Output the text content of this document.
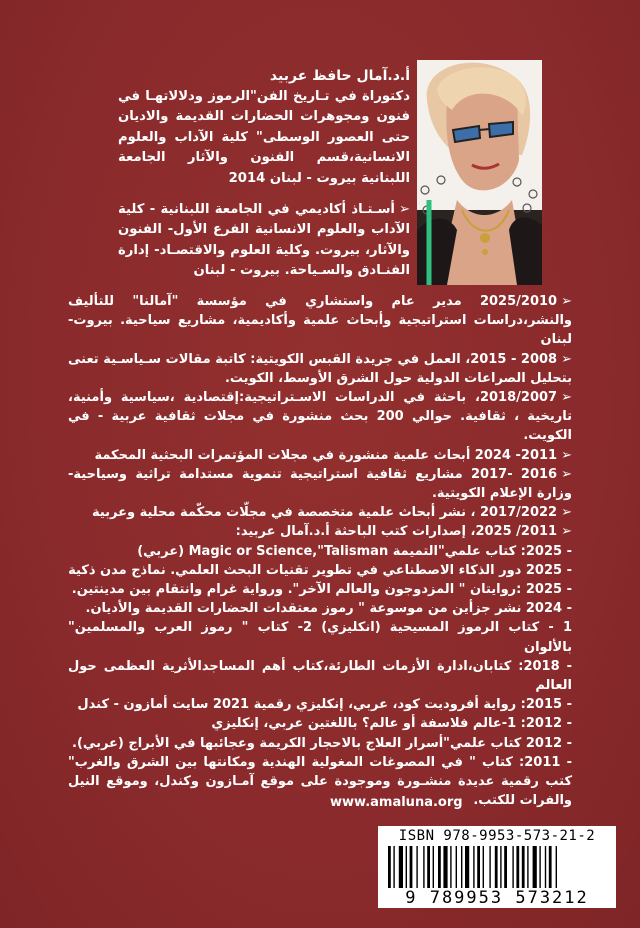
أ.د.آمال حافظ عربيد
دكتوراة في تـاريخ الفن"الرموز ودلالاتهـا في فنون ومجوهرات الحضارات القديمة والاديان حتى العصور الوسطى" كلية الآداب والعلوم الانسانية،قسم الفنون والآثار الجامعة اللبنانية بيروت - لبنان 2014
➢أسـتـاذ أكاديمي في الجامعة اللبنانية - كلية الآداب والعلوم الانسانية الفرع الأول- الفنون والآثار، بيروت. وكلية العلوم والاقتصـاد- إدارة الفنـادق والسـياحة. بيروت - لبنان

➢2025/2010 مدير عام واستشاري في مؤسسة "آمالنا" للتأليف والنشر،دراسات استراتيجية وأبحاث علمية وأكاديمية، مشاريع سياحية. بيروت- لبنان

➢2008 - 2015، العمل في جريدة القبس الكويتية: كاتبة مقالات سـياسـية تعنى بتحليل الصراعات الدولية حول الشرق الأوسط، الكويت.

➢2018/2007، باحثة في الدراسات الاسـتراتيجية:إقتصادية ،سياسية وأمنية، تاريخية ، ثقافية. حوالي 200 بحث منشورة في مجلات ثقافية عربية - في الكويت.

➢2011- 2024 أبحاث علمية منشورة في مجلات المؤتمرات البحثية المحكمة

➢2016 -2017 مشاريع ثقافية استراتيجية تنموية مستدامة تراثية وسياحية- وزارة الإعلام الكويتية.

➢2017/2022 ، نشر أبحاث علمية متخصصة في مجلّات محكّمة محلية وعربية

➢2011/ 2025، إصدارات كتب الباحثة أ.د.آمال عربيد:

- 2025: كتاب علمي"التميمة Magic or Science,"Talisman (عربي)

- 2025 دور الذكاء الاصطناعي في تطوير تقنيات البحث العلمي. نماذج مدن ذكية

- 2025 :روايتان " المزدوجون والعالم الآخر". ورواية غرام وانتقام بين مدينتين.

- 2024 نشر جزأين من موسوعة " رموز معتقدات الحضارات القديمة والأديان.

1 - كتاب الرموز المسيحية (انكليزي) 2- كتاب " رموز العرب والمسلمين" بالألوان

- 2018: كتابان،ادارة الأزمات الطارئة،كتاب أهم المساجدالأثرية العظمى حول العالم

- 2015: رواية أفروديت كود، عربي، إنكليزي رقمية 2021 سايت أمازون - كندل

- 2012: 1-عالم فلاسفة أو عالم؟ باللغتين عربي، إنكليزي

- 2012 كتاب علمي"أسرار العلاج بالاحجار الكريمة وعجائبها في الأبراج (عربي).

- 2011: كتاب " في المصوغات المغولية الهندية ومكانتها بين الشرق والغرب" كتب رقمية عديدة منشـورة وموجودة على موقع آمـازون وكندل، وموقع النيل والفرات للكتب.

www.amaluna.org
ISBN 978-9953-573-21-2
9 789953 573212
